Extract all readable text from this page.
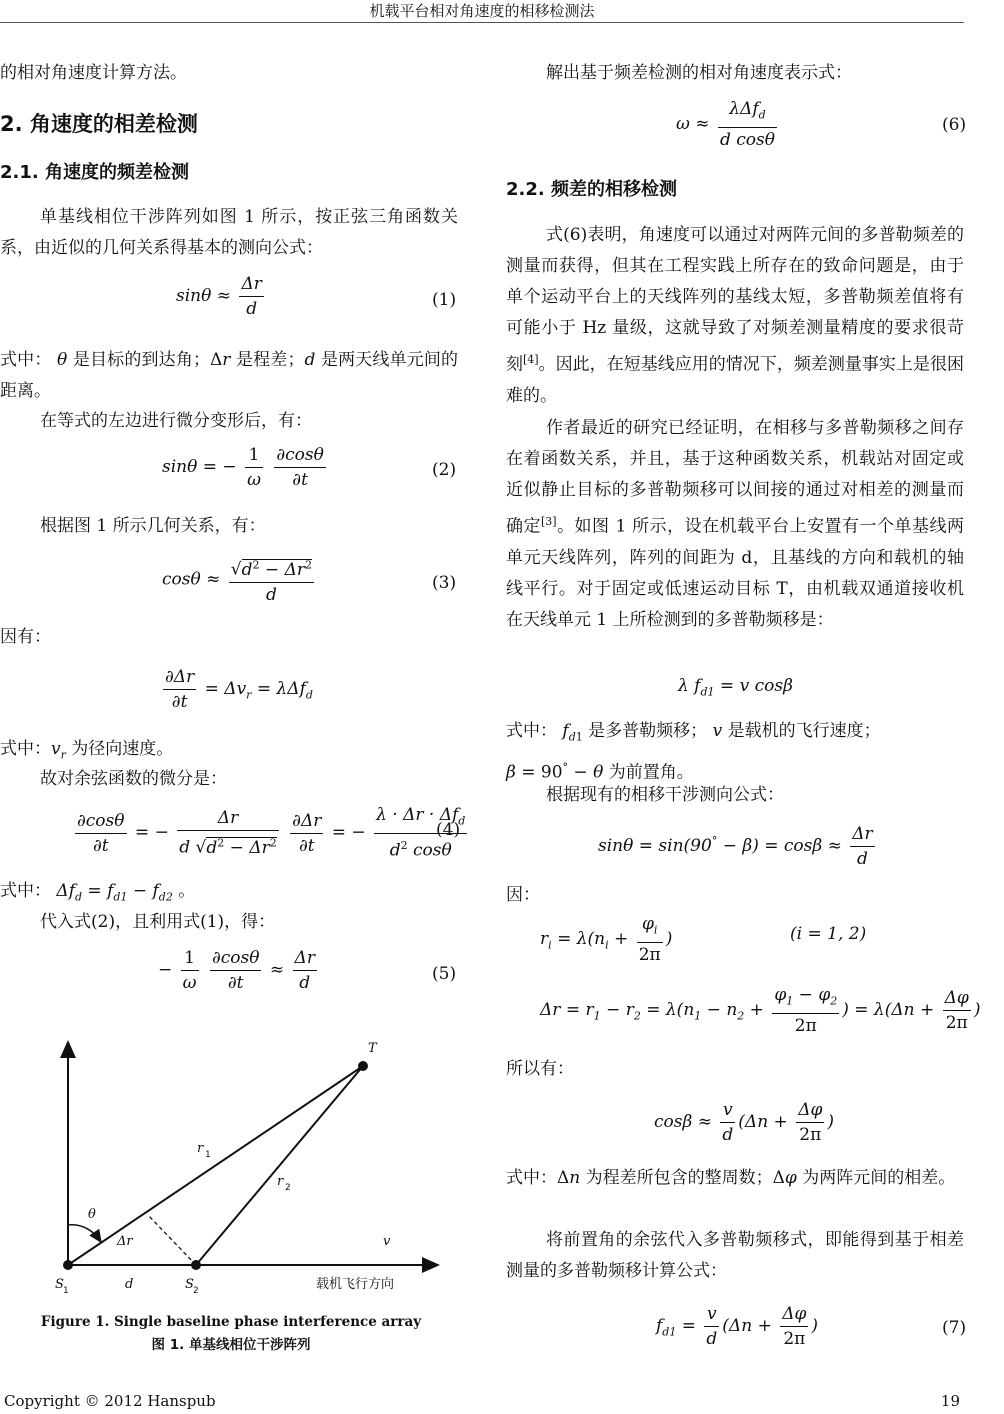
机载平台相对角速度的相移检测法
的相对角速度计算方法。
2. 角速度的相差检测
2.1. 角速度的频差检测
单基线相位干涉阵列如图 1 所示，按正弦三角函数关系，由近似的几何关系得基本的测向公式：
$\sin\theta \approx \frac{\Delta r}{d}$	(1)
式中： θ 是目标的到达角；Δr 是程差；d 是两天线单元间的距离。
在等式的左边进行微分变形后，有：
sinθ = − $\frac{1}{\omega}$
$\frac{\partial\cos\theta}{\partial t}$	(2)
根据图 1 所示几何关系，有：
$\cos\theta \approx \frac{√d^2 - \Delta r^2}{d}$	(3)
因有：
$\frac{\partial\Delta r}{\partial t} = \Delta v_r = \lambda\Delta f_d$
式中：$v_r$ 为径向速度。
故对余弦函数的微分是：
$\frac{\partial\cos\theta}{\partial t}$ = − $\frac{\Delta r}{d √d^2 - \Delta r^2}$
$\frac{\partial\Delta r}{\partial t}$ = − $\frac{\lambda \cdot \Delta r \cdot \Delta f_d}{d^2 \cos\theta}$
(4)
式中： $\Delta f_d = f_{d1} - f_{d2}$ 。
代入式(2)，且利用式(1)，得：
− $\frac{1}{\omega}$
$\frac{\partial\cos\theta}{\partial t} \approx \frac{\Delta r}{d}$	(5)
T
r 1
r 2
θ
Δr	v
S 1	d	S 2	载机飞行方向
Figure 1. Single baseline phase interference array
图 1. 单基线相位干涉阵列
解出基于频差检测的相对角速度表示式：
$\omega \approx \frac{\lambda\Delta f_d}{\text{d cosθ}}$	(6)
2.2. 频差的相移检测
式(6)表明，角速度可以通过对两阵元间的多普勒频差的测量而获得，但其在工程实践上所存在的致命问题是，由于单个运动平台上的天线阵列的基线太短，多普勒频差值将有可能小于 Hz 量级，这就导致了对频差测量精度的要求很苛刻[4]。因此，在短基线应用的情况下，频差测量事实上是很困难的。
作者最近的研究已经证明，在相移与多普勒频移之间存在着函数关系，并且，基于这种函数关系，机载站对固定或近似静止目标的多普勒频移可以间接的通过对相差的测量而确定[3]。如图 1 所示，设在机载平台上安置有一个单基线两单元天线阵列，阵列的间距为 d，且基线的方向和载机的轴线平行。对于固定或低速运动目标 T，由机载双通道接收机在天线单元 1 上所检测到的多普勒频移是：
λ $f_{d1} = v$ cosβ
式中： $f_{d1}$ 是多普勒频移； v 是载机的飞行速度；
β = 90° − θ 为前置角。
根据现有的相移干涉测向公式：
$\sin\theta = \sin(90^\circ - \beta) = \cos\beta \approx \frac{\Delta r}{d}$
因：
$r_i = \lambda(n_i + \frac{\varphi_i}{2\pi}$ )	(i = 1, 2)
$\Delta r = r_1 - r_2 = \lambda(n_1 - n_2 + \frac{\varphi_1 - \varphi_2}{2\pi}$ ) = $\lambda(\Delta n + \frac{\Delta\varphi}{2\pi}$ )
所以有：
$\cos\beta \approx \frac{v}{d} (\Delta n + \frac{\Delta\varphi}{2\pi}$ )
式中：Δn 为程差所包含的整周数；Δφ 为两阵元间的相差。
将前置角的余弦代入多普勒频移式，即能得到基于相差测量的多普勒频移计算公式：
$f_{d1} = \frac{v}{d} (\Delta n + \frac{\Delta\varphi}{2\pi}$ )	(7)
Copyright © 2012 Hanspub	19
